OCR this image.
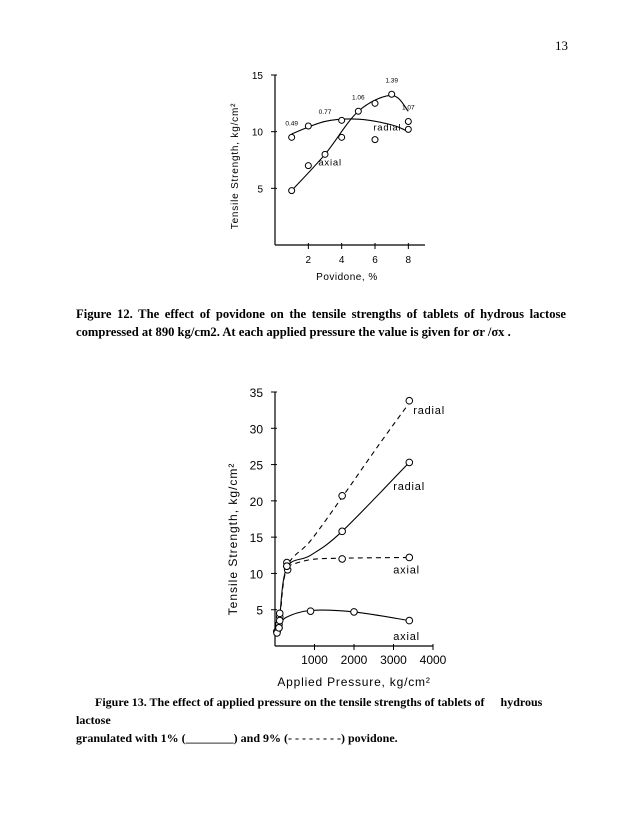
13
5
10
15
2	4	6	8
Povidone, %
Tensile Strength, kg/cm²	0.49
0.77
1.06
1.39
1.07
radial
axial
Figure 12. The effect of povidone on the tensile strengths of tablets of hydrous lactose compressed at 890 kg/cm2. At each applied pressure the value is given for σr /σx .
5
10
15
20
25
30
35
1000 2000 3000 4000
Applied Pressure, kg/cm²
Tensile Strength, kg/cm²
radial
radial
axial
axial
Figure 13. The effect of applied pressure on the tensile strengths of tablets of hydrous lactose
granulated with 1% (________) and 9% (- - - - - - - -) povidone.
